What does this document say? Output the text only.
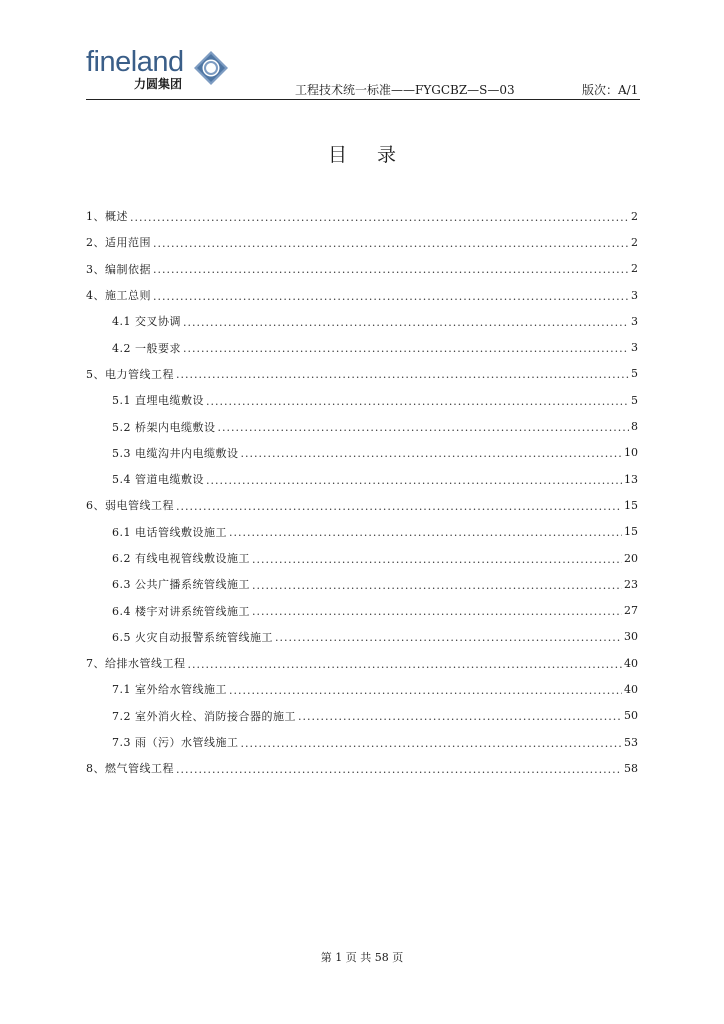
fineland
力圆集团	工程技术统一标准——FYGCBZ—S—03	版次：A/1
目录
1、概述 .....	2
2、适用范围 .....	2
3、编制依据 .....	2
4、施工总则 .....	3
4.1 交叉协调 .....	3
4.2 一般要求 .....	3
5、电力管线工程 .....	5
5.1 直埋电缆敷设 .....	5
5.2 桥架内电缆敷设 .....	8
5.3 电缆沟井内电缆敷设 .....	10
5.4 管道电缆敷设 .....	13
6、弱电管线工程 .....	15
6.1 电话管线敷设施工 .....	15
6.2 有线电视管线敷设施工 .....	20
6.3 公共广播系统管线施工 .....	23
6.4 楼宇对讲系统管线施工 .....	27
6.5 火灾自动报警系统管线施工 .....	30
7、给排水管线工程 .....	40
7.1 室外给水管线施工 .....	40
7.2 室外消火栓、消防接合器的施工 .....	50
7.3 雨（污）水管线施工 .....	53
8、燃气管线工程 .....	58
第 1 页 共 58 页
